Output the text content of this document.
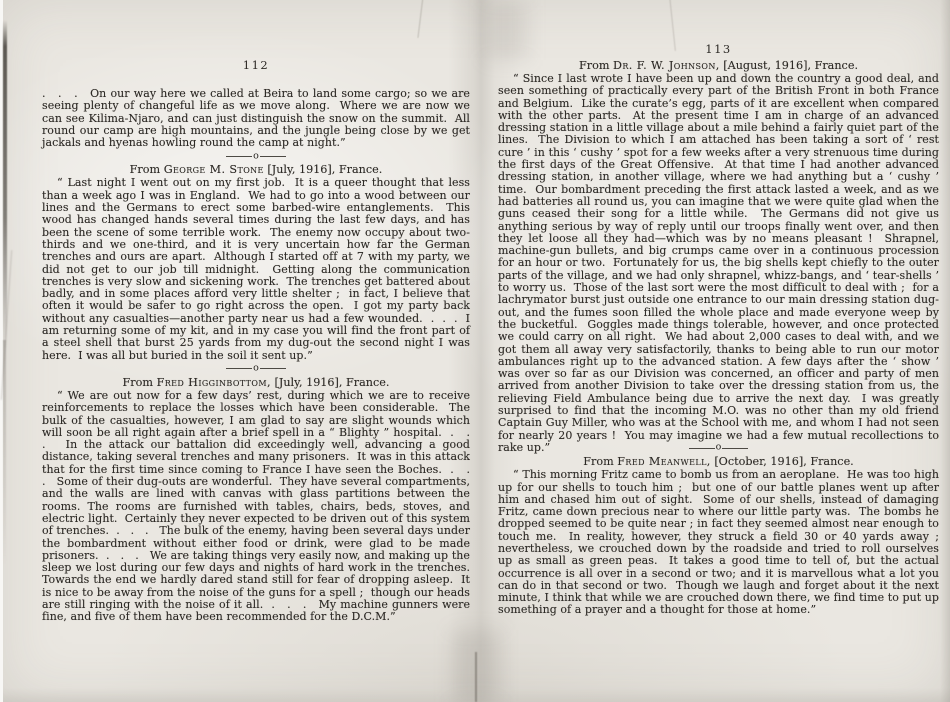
112

.   .   .   On our way here we called at Beira to land some cargo; so we are seeing plenty of changeful life as we move along.  Where we are now we can see Kilima-Njaro, and can just distinguish the snow on the summit.  All round our camp are high mountains, and the jungle being close by we get jackals and hyenas howling round the camp at night.”

o
From George M. Stone [July, 1916], France.

“ Last night I went out on my first job.  It is a queer thought that less than a week ago I was in England.  We had to go into a wood between our lines and the Germans to erect some barbed-wire entanglements.  This wood has changed hands several times during the last few days, and has been the scene of some terrible work.  The enemy now occupy about two-thirds and we one-third, and it is very uncertain how far the German trenches and ours are apart.  Although I started off at 7 with my party, we did not get to our job till midnight.  Getting along the communication trenches is very slow and sickening work.  The trenches get battered about badly, and in some places afford very little shelter ;  in fact, I believe that often it would be safer to go right across the open.  I got my party back without any casualties—another party near us had a few wounded.  .  .  .  I am returning some of my kit, and in my case you will find the front part of a steel shell that burst 25 yards from my dug-out the second night I was here.  I was all but buried in the soil it sent up.”

o
From Fred Higginbottom, [July, 1916], France.

“ We are out now for a few days’ rest, during which we are to receive reinforcements to replace the losses which have been considerable.  The bulk of the casualties, however, I am glad to say are slight wounds which will soon be all right again after a brief spell in a “ Blighty ” hospital.  .   .   .   In the attack our battalion did exceedingly well, advancing a good distance, taking several trenches and many prisoners.  It was in this attack that for the first time since coming to France I have seen the Boches.  .   .   .   Some of their dug-outs are wonderful.  They have several compartments, and the walls are lined with canvas with glass partitions between the rooms. The rooms are furnished with tables, chairs, beds, stoves, and electric light.  Certainly they never expected to be driven out of this system of trenches.  .   .   .   The bulk of the enemy, having been several days under the bombardment without either food or drink, were glad to be made prisoners.  .   .   .   We are taking things very easily now, and making up the sleep we lost during our few days and nights of hard work in the trenches.  Towards the end we hardly dared stand still for fear of dropping asleep.  It is nice to be away from the noise of the guns for a spell ;  though our heads are still ringing with the noise of it all.  .   .   .   My machine gunners were fine, and five of them have been recommended for the D.C.M.”

113
From Dr. F. W. Johnson, [August, 1916], France.

“ Since I last wrote I have been up and down the country a good deal, and seen something of practically every part of the British Front in both France and Belgium.  Like the curate’s egg, parts of it are excellent when compared with the other parts.  At the present time I am in charge of an advanced dressing station in a little village about a mile behind a fairly quiet part of the lines.  The Division to which I am attached has been taking a sort of ‘ rest cure ’ in this ‘ cushy ’ spot for a few weeks after a very strenuous time during the first days of the Great Offensive.  At that time I had another advanced dressing station, in another village, where we had anything but a ‘ cushy ’ time.  Our bombardment preceding the first attack lasted a week, and as we had batteries all round us, you can imagine that we were quite glad when the guns ceased their song for a little while.  The Germans did not give us anything serious by way of reply until our troops finally went over, and then they let loose all they had—which was by no means pleasant !  Shrapnel, machine-gun bullets, and big crumps came over in a continuous procession for an hour or two.  Fortunately for us, the big shells kept chiefly to the outer parts of the village, and we had only shrapnel, whizz-bangs, and ‘ tear-shells ’ to worry us.  Those of the last sort were the most difficult to deal with ;  for a lachrymator burst just outside one entrance to our main dressing station dug-out, and the fumes soon filled the whole place and made everyone weep by the bucketful.  Goggles made things tolerable, however, and once protected we could carry on all right.  We had about 2,000 cases to deal with, and we got them all away very satisfactorily, thanks to being able to run our motor ambulances right up to the advanced station. A few days after the ‘ show ’ was over so far as our Division was concerned, an officer and party of men arrived from another Division to take over the dressing station from us, the relieving Field Ambulance being due to arrive the next day.  I was greatly surprised to find that the incoming M.O. was no other than my old friend Captain Guy Miller, who was at the School with me, and whom I had not seen for nearly 20 years !  You may imagine we had a few mutual recollections to rake up.”	o
From Fred Meanwell, [October, 1916], France.

“ This morning Fritz came to bomb us from an aeroplane.  He was too high up for our shells to touch him ;  but one of our battle planes went up after him and chased him out of sight.  Some of our shells, instead of damaging Fritz, came down precious near to where our little party was.  The bombs he dropped seemed to be quite near ; in fact they seemed almost near enough to touch me.  In reality, however, they struck a field 30 or 40 yards away ;  nevertheless, we crouched down by the roadside and tried to roll ourselves up as small as green peas.  It takes a good time to tell of, but the actual occurrence is all over in a second or two; and it is marvellous what a lot you can do in that second or two.  Though we laugh and forget about it the next minute, I think that while we are crouched down there, we find time to put up something of a prayer and a thought for those at home.”
